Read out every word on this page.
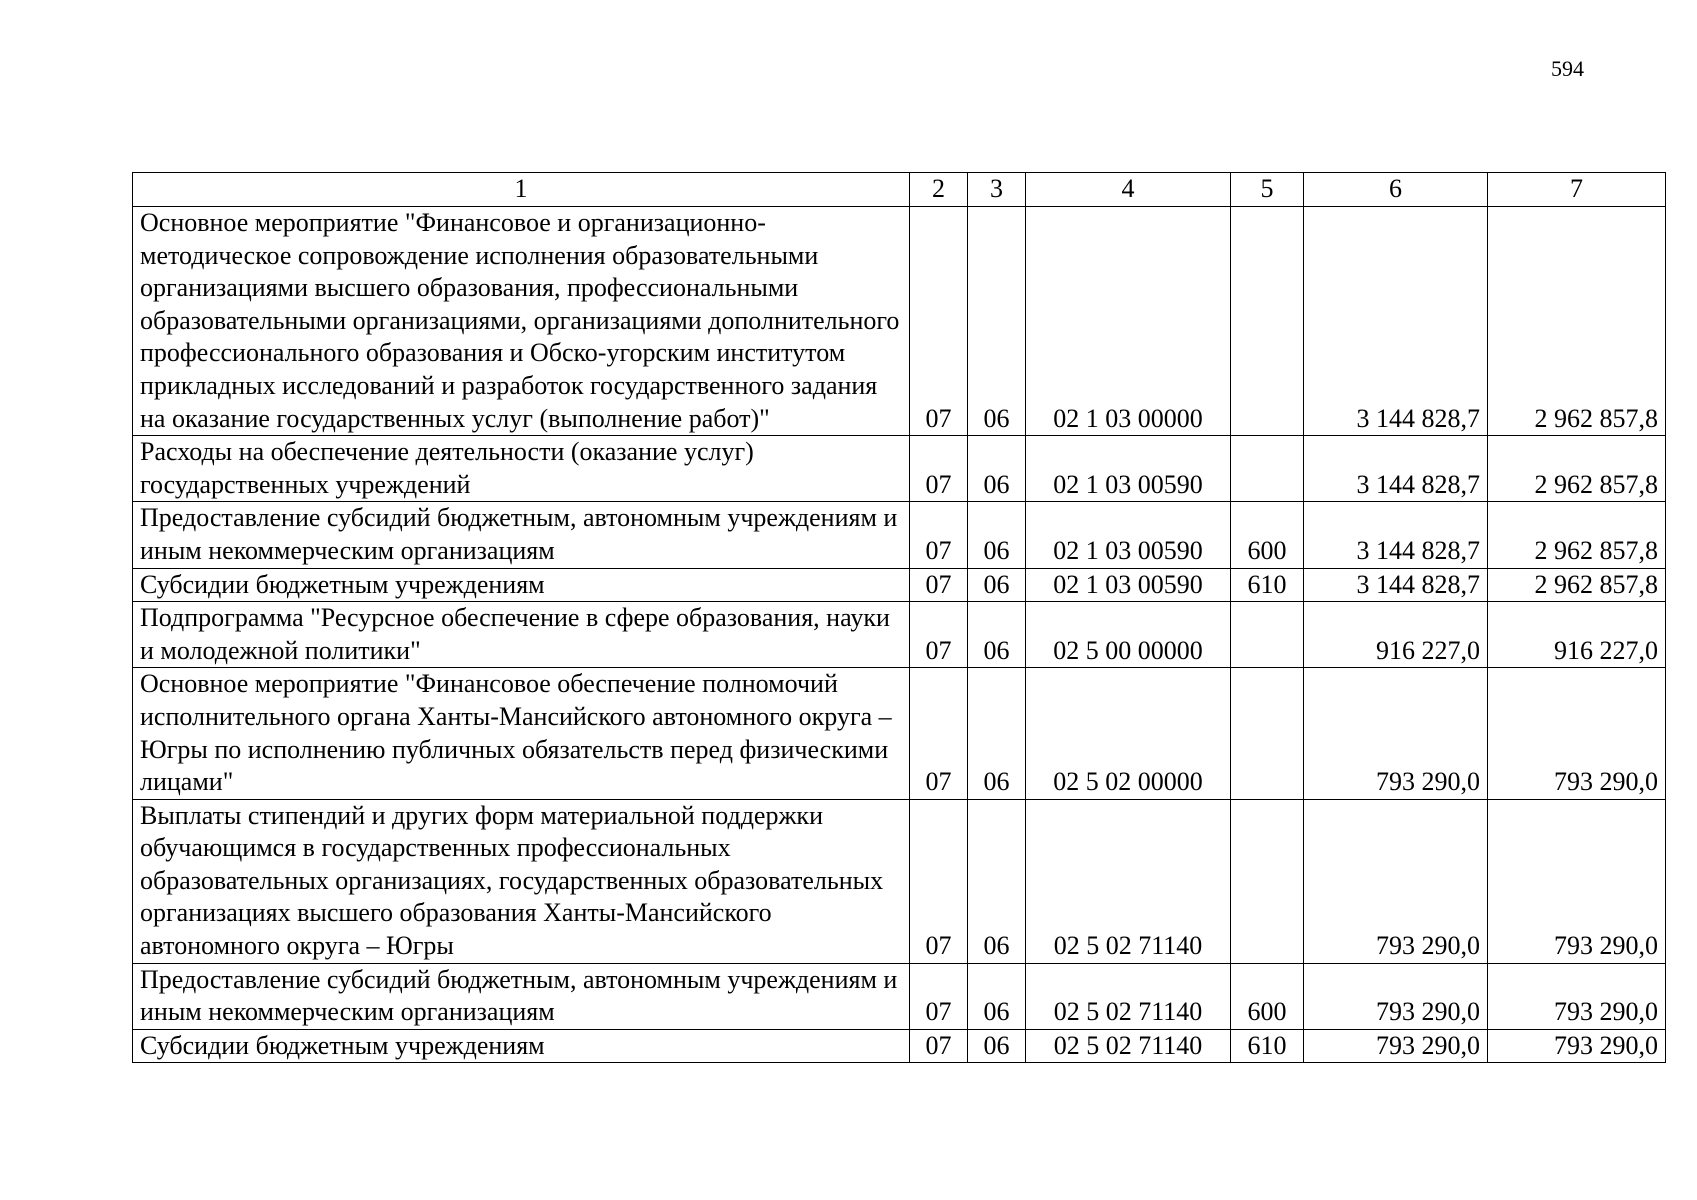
594
1	2	3	4	5	6	7
Основное мероприятие "Финансовое и организационно-методическое сопровождение исполнения образовательными организациями высшего образования, профессиональными образовательными организациями, организациями дополнительного профессионального образования и Обско-угорским институтом прикладных исследований и разработок государственного задания на оказание государственных услуг (выполнение работ)"	07	06	02 1 03 00000		3 144 828,7	2 962 857,8
Расходы на обеспечение деятельности (оказание услуг) государственных учреждений	07	06	02 1 03 00590		3 144 828,7	2 962 857,8
Предоставление субсидий бюджетным, автономным учреждениям и иным некоммерческим организациям	07	06	02 1 03 00590	600	3 144 828,7	2 962 857,8
Субсидии бюджетным учреждениям	07	06	02 1 03 00590	610	3 144 828,7	2 962 857,8
Подпрограмма "Ресурсное обеспечение в сфере образования, науки и молодежной политики"	07	06	02 5 00 00000		916 227,0	916 227,0
Основное мероприятие "Финансовое обеспечение полномочий исполнительного органа Ханты-Мансийского автономного округа – Югры по исполнению публичных обязательств перед физическими лицами"	07	06	02 5 02 00000		793 290,0	793 290,0
Выплаты стипендий и других форм материальной поддержки обучающимся в государственных профессиональных образовательных организациях, государственных образовательных организациях высшего образования Ханты-Мансийского автономного округа – Югры	07	06	02 5 02 71140		793 290,0	793 290,0
Предоставление субсидий бюджетным, автономным учреждениям и иным некоммерческим организациям	07	06	02 5 02 71140	600	793 290,0	793 290,0
Субсидии бюджетным учреждениям	07	06	02 5 02 71140	610	793 290,0	793 290,0
